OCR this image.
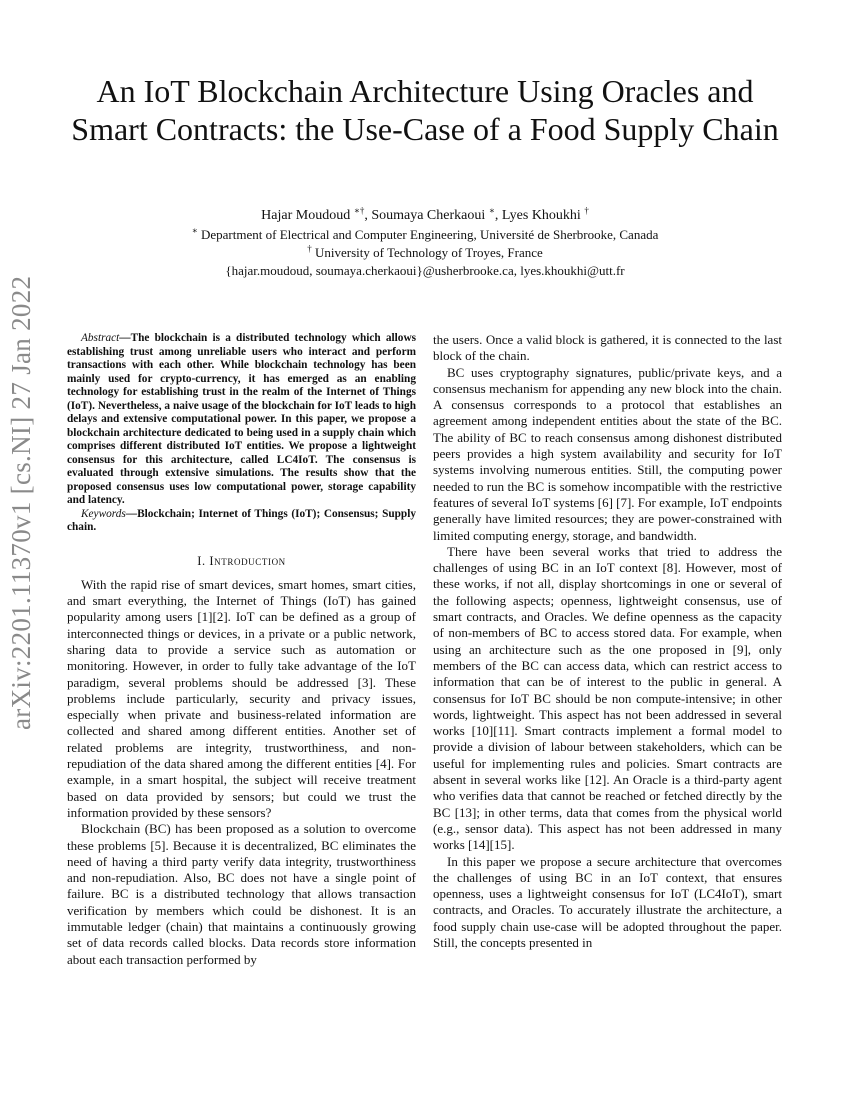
arXiv:2201.11370v1 [cs.NI] 27 Jan 2022
An IoT Blockchain Architecture Using Oracles and Smart Contracts: the Use-Case of a Food Supply Chain
Hajar Moudoud ∗†, Soumaya Cherkaoui ∗, Lyes Khoukhi †
∗ Department of Electrical and Computer Engineering, Université de Sherbrooke, Canada
† University of Technology of Troyes, France
{hajar.moudoud, soumaya.cherkaoui}@usherbrooke.ca, lyes.khoukhi@utt.fr

Abstract—The blockchain is a distributed technology which allows establishing trust among unreliable users who interact and perform transactions with each other. While blockchain technology has been mainly used for crypto-currency, it has emerged as an enabling technology for establishing trust in the realm of the Internet of Things (IoT). Nevertheless, a naive usage of the blockchain for IoT leads to high delays and extensive computational power. In this paper, we propose a blockchain architecture dedicated to being used in a supply chain which comprises different distributed IoT entities. We propose a lightweight consensus for this architecture, called LC4IoT. The consensus is evaluated through extensive simulations. The results show that the proposed consensus uses low computational power, storage capability and latency.

Keywords—Blockchain; Internet of Things (IoT); Consensus; Supply chain.

I. Introduction

With the rapid rise of smart devices, smart homes, smart cities, and smart everything, the Internet of Things (IoT) has gained popularity among users [1][2]. IoT can be defined as a group of interconnected things or devices, in a private or a public network, sharing data to provide a service such as automation or monitoring. However, in order to fully take advantage of the IoT paradigm, several problems should be addressed [3]. These problems include particularly, security and privacy issues, especially when private and business-related information are collected and shared among different entities. Another set of related problems are integrity, trustworthiness, and non-repudiation of the data shared among the different entities [4]. For example, in a smart hospital, the subject will receive treatment based on data provided by sensors; but could we trust the information provided by these sensors?

Blockchain (BC) has been proposed as a solution to overcome these problems [5]. Because it is decentralized, BC eliminates the need of having a third party verify data integrity, trustworthiness and non-repudiation. Also, BC does not have a single point of failure. BC is a distributed technology that allows transaction verification by members which could be dishonest. It is an immutable ledger (chain) that maintains a continuously growing set of data records called blocks. Data records store information about each transaction performed by

the users. Once a valid block is gathered, it is connected to the last block of the chain.

BC uses cryptography signatures, public/private keys, and a consensus mechanism for appending any new block into the chain. A consensus corresponds to a protocol that establishes an agreement among independent entities about the state of the BC. The ability of BC to reach consensus among dishonest distributed peers provides a high system availability and security for IoT systems involving numerous entities. Still, the computing power needed to run the BC is somehow incompatible with the restrictive features of several IoT systems [6] [7]. For example, IoT endpoints generally have limited resources; they are power-constrained with limited computing energy, storage, and bandwidth.

There have been several works that tried to address the challenges of using BC in an IoT context [8]. However, most of these works, if not all, display shortcomings in one or several of the following aspects; openness, lightweight consensus, use of smart contracts, and Oracles. We define openness as the capacity of non-members of BC to access stored data. For example, when using an architecture such as the one proposed in [9], only members of the BC can access data, which can restrict access to information that can be of interest to the public in general. A consensus for IoT BC should be non compute-intensive; in other words, lightweight. This aspect has not been addressed in several works [10][11]. Smart contracts implement a formal model to provide a division of labour between stakeholders, which can be useful for implementing rules and policies. Smart contracts are absent in several works like [12]. An Oracle is a third-party agent who verifies data that cannot be reached or fetched directly by the BC [13]; in other terms, data that comes from the physical world (e.g., sensor data). This aspect has not been addressed in many works [14][15].

In this paper we propose a secure architecture that overcomes the challenges of using BC in an IoT context, that ensures openness, uses a lightweight consensus for IoT (LC4IoT), smart contracts, and Oracles. To accurately illustrate the architecture, a food supply chain use-case will be adopted throughout the paper. Still, the concepts presented in
